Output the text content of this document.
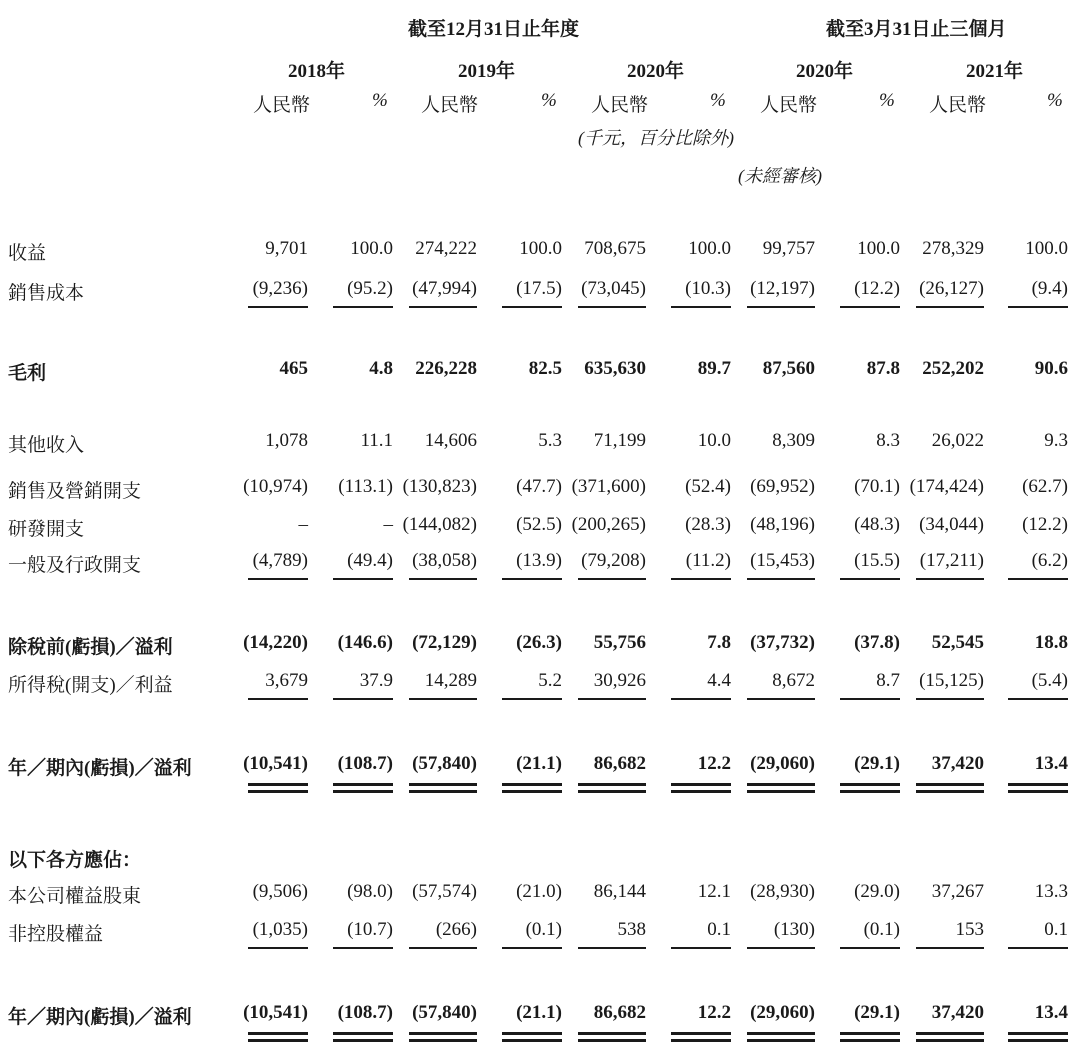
截至12月31日止年度	截至3月31日止三個月
2018年	2019年	2020年	2020年	2021年
人民幣	% 人民幣	% 人民幣	% 人民幣	% 人民幣	%
(千元，百分比除外)
(未經審核)
收益	9,701	100.0	274,222	100.0	708,675	100.0	99,757	100.0	278,329	100.0
銷售成本	(9,236)	(95.2)	(47,994)	(17.5)	(73,045)	(10.3)	(12,197)	(12.2)	(26,127)	(9.4)
毛利	465	4.8	226,228	82.5	635,630	89.7	87,560	87.8	252,202	90.6
其他收入	1,078	11.1	14,606	5.3	71,199	10.0	8,309	8.3	26,022	9.3
銷售及營銷開支	(10,974)	(113.1) (130,823)	(47.7) (371,600)	(52.4)	(69,952)	(70.1) (174,424)	(62.7)
研發開支	–	– (144,082)	(52.5) (200,265)	(28.3)	(48,196)	(48.3)	(34,044)	(12.2)
一般及行政開支	(4,789)	(49.4)	(38,058)	(13.9)	(79,208)	(11.2)	(15,453)	(15.5)	(17,211)	(6.2)
除稅前(虧損)／溢利	(14,220)	(146.6)	(72,129)	(26.3)	55,756	7.8	(37,732)	(37.8)	52,545	18.8
所得稅(開支)／利益	3,679	37.9	14,289	5.2	30,926	4.4	8,672	8.7	(15,125)	(5.4)
年／期內(虧損)／溢利	(10,541)	(108.7)	(57,840)	(21.1)	86,682	12.2	(29,060)	(29.1)	37,420	13.4
以下各方應佔：
本公司權益股東	(9,506)	(98.0)	(57,574)	(21.0)	86,144	12.1	(28,930)	(29.0)	37,267	13.3
非控股權益	(1,035)	(10.7)	(266)	(0.1)	538	0.1	(130)	(0.1)	153	0.1
年／期內(虧損)／溢利	(10,541)	(108.7)	(57,840)	(21.1)	86,682	12.2	(29,060)	(29.1)	37,420	13.4
